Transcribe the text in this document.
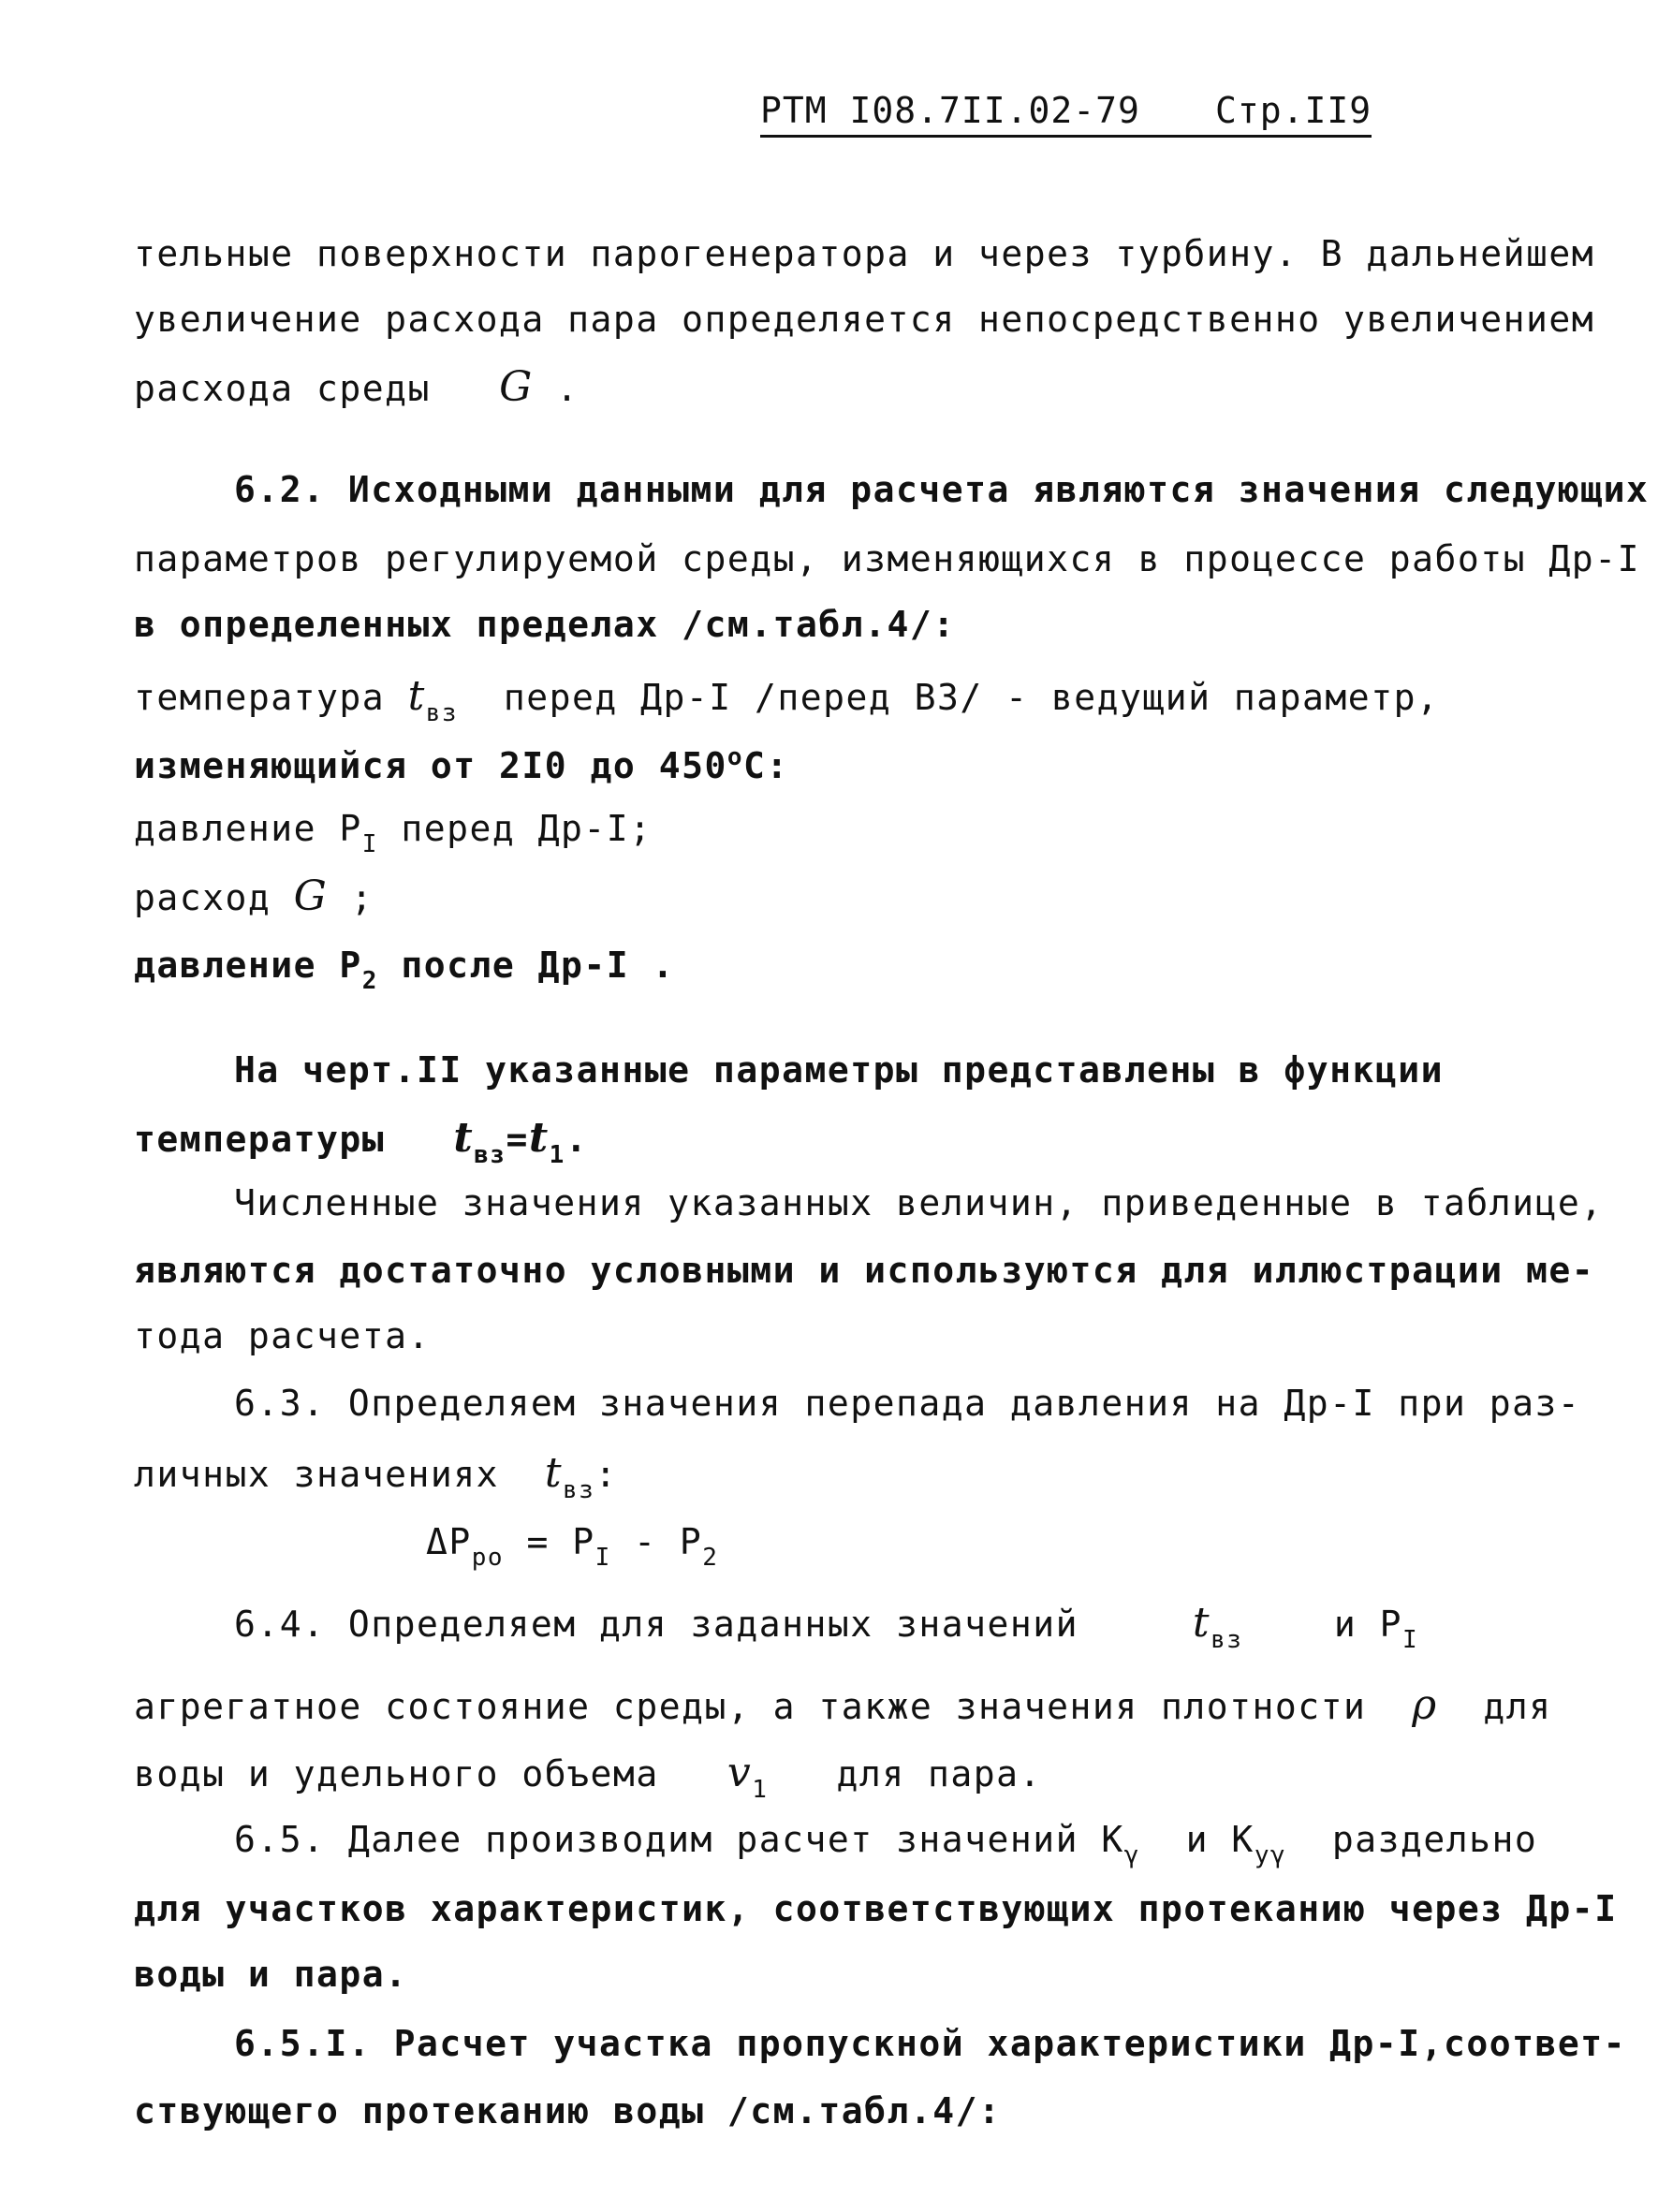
РТМ I08.7II.02-79 Стр.II9
тельные поверхности парогенератора и через турбину. В дальнейшем
увеличение расхода пара определяется непосредственно увеличением
расхода среды G .
6.2. Исходными данными для расчета являются значения следующих
параметров регулируемой среды, изменяющихся в процессе работы Др-I
в определенных пределах /см.табл.4/:
температура $t_{вз}$ перед Др-I /перед ВЗ/ - ведущий параметр,
изменяющийся от 2I0 до $450^оС$:
давление $P_I$ перед Др-I;
расход G ;
давление $P_2$ после Др-I .
На черт.II указанные параметры представлены в функции
температуры $t_{вз}=t_1$.
Численные значения указанных величин, приведенные в таблице,
являются достаточно условными и используются для иллюстрации ме-
тода расчета.
6.3. Определяем значения перепада давления на Др-I при раз-
личных значениях $t_{вз}$:
$\Delta P_{po} = P_I - P_2$
6.4. Определяем для заданных значений	$t_{вз}$	и $P_I$
агрегатное состояние среды, а также значения плотности ρ для
воды и удельного объема $v_1$ для пара.
6.5. Далее производим расчет значений $K_\gamma$ и $K_{у\gamma}$ раздельно
для участков характеристик, соответствующих протеканию через Др-I
воды и пара.
6.5.I. Расчет участка пропускной характеристики Др-I,соответ-
ствующего протеканию воды /см.табл.4/:
